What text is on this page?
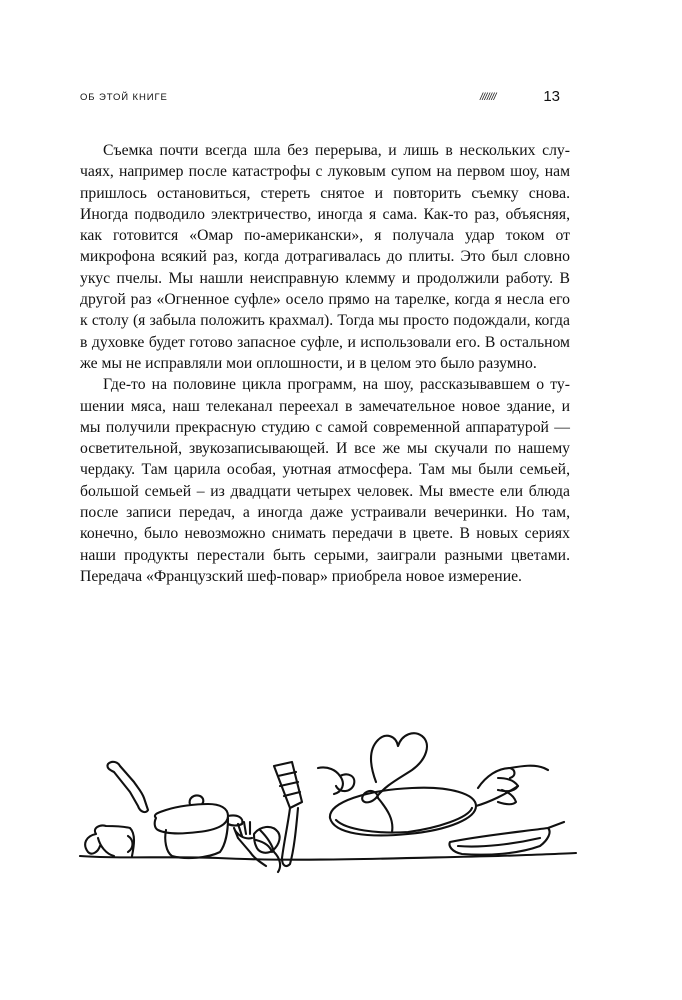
ОБ ЭТОЙ КНИГЕ	///////	13

Съемка почти всегда шла без перерыва, и лишь в нескольких случаях, например после катастрофы с луковым супом на первом шоу, нам пришлось остановиться, стереть снятое и повторить съемку снова. Иногда подводило электричество, иногда я сама. Как-то раз, объясняя, как готовится «Омар по-американски», я получала удар током от микрофона всякий раз, когда дотрагивалась до плиты. Это был словно укус пчелы. Мы нашли неисправную клемму и продолжили работу. В другой раз «Огненное суфле» осело прямо на тарелке, когда я несла его к столу (я забыла положить крахмал). Тогда мы просто подождали, когда в духовке будет готово запасное суфле, и использовали его. В остальном же мы не исправляли мои оплошности, и в целом это было разумно.

Где-то на половине цикла программ, на шоу, рассказывавшем о тушении мяса, наш телеканал переехал в замечательное новое здание, и мы получили прекрасную студию с самой современной аппаратурой — осветительной, звукозаписывающей. И все же мы скучали по нашему чердаку. Там царила особая, уютная атмосфера. Там мы были семьей, большой семьей – из двадцати четырех человек. Мы вместе ели блюда после записи передач, а иногда даже устраивали вечеринки. Но там, конечно, было невозможно снимать передачи в цвете. В новых сериях наши продукты перестали быть серыми, заиграли разными цветами. Передача «Французский шеф-повар» приобрела новое измерение.
